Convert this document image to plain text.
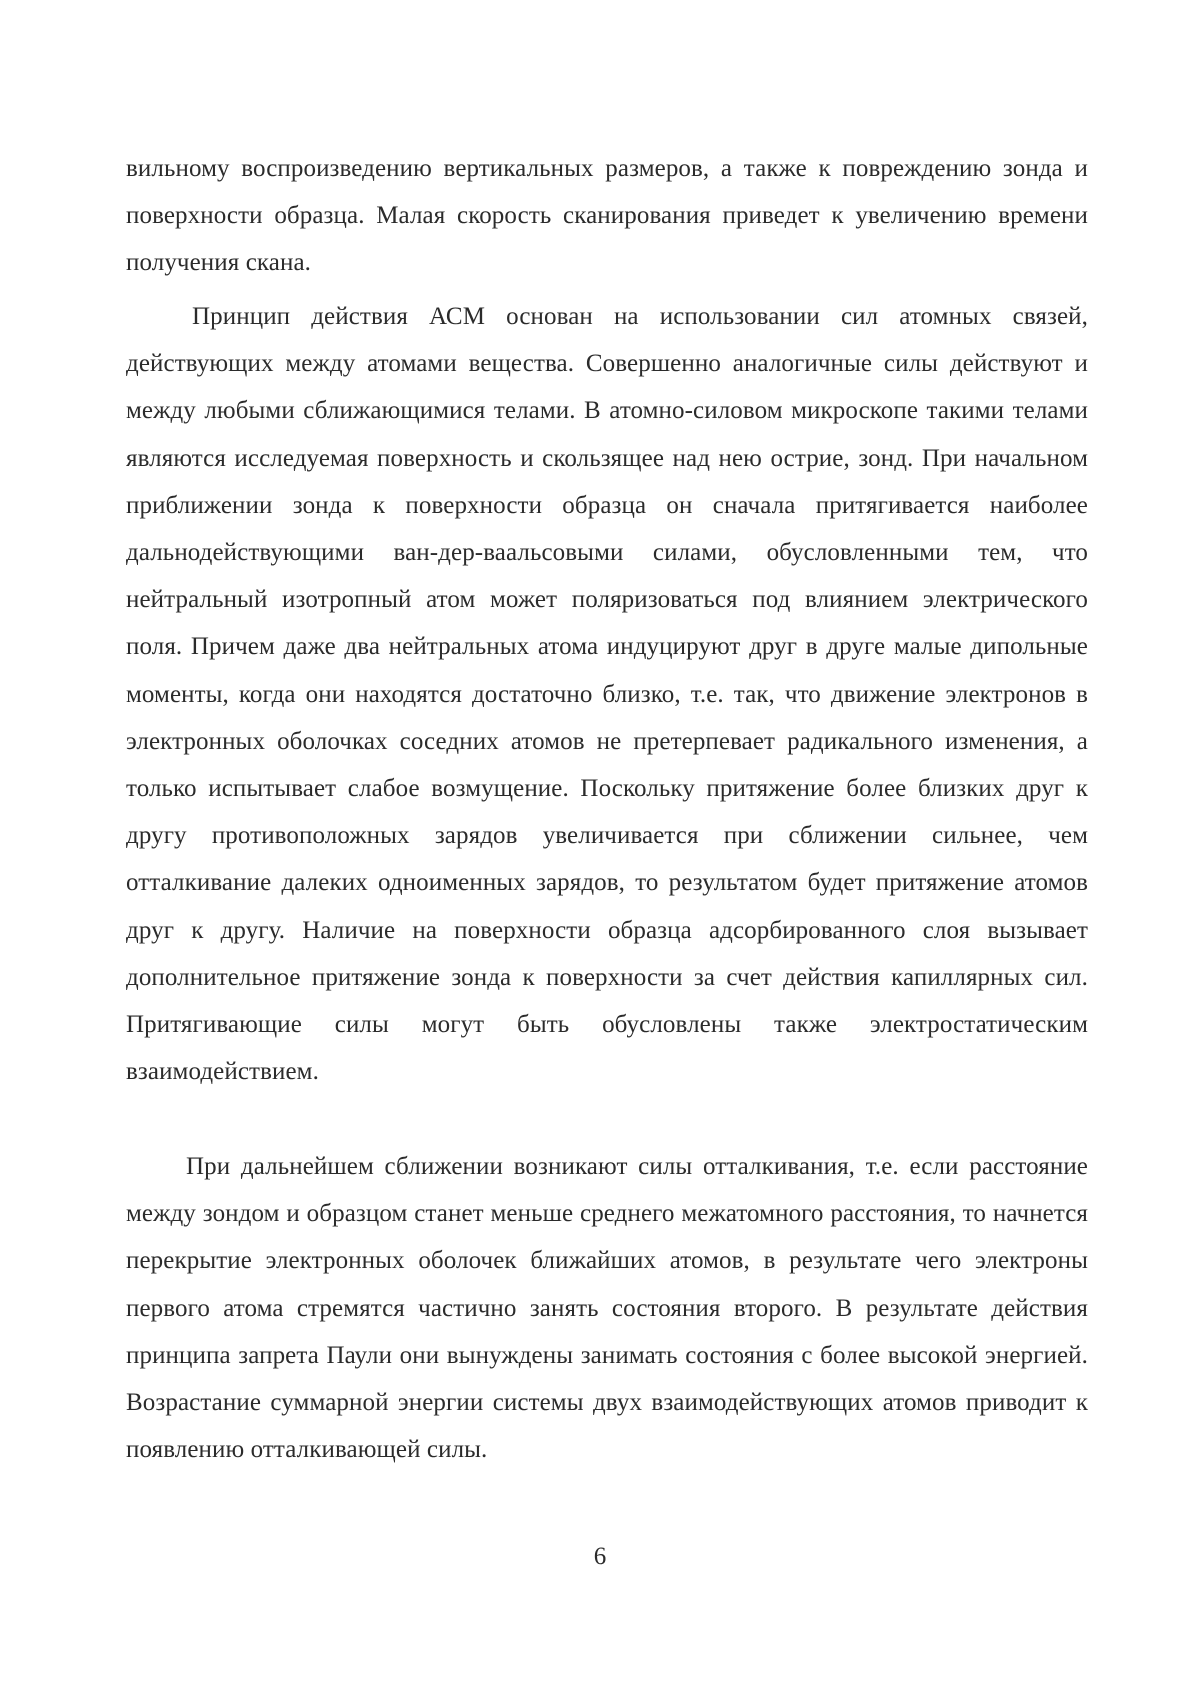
вильному воспроизведению вертикальных размеров, а также к повреждению зонда и поверхности образца. Малая скорость сканирования приведет к увеличению времени получения скана.

Принцип действия АСМ основан на использовании сил атомных связей, действующих между атомами вещества. Совершенно аналогичные силы действуют и между любыми сближающимися телами. В атомно-силовом микроскопе такими телами являются исследуемая поверхность и скользящее над нею острие, зонд. При начальном приближении зонда к поверхности образца он сначала притягивается наиболее дальнодействующими ван-дер-ваальсовыми силами, обусловленными тем, что нейтральный изотропный атом может поляризоваться под влиянием электрического поля. Причем даже два нейтральных атома индуцируют друг в друге малые дипольные моменты, когда они находятся достаточно близко, т.е. так, что движение электронов в электронных оболочках соседних атомов не претерпевает радикального изменения, а только испытывает слабое возмущение. Поскольку притяжение более близких друг к другу противоположных зарядов увеличивается при сближении сильнее, чем отталкивание далеких одноименных зарядов, то результатом будет притяжение атомов друг к другу. Наличие на поверхности образца адсорбированного слоя вызывает дополнительное притяжение зонда к поверхности за счет действия капиллярных сил. Притягивающие силы могут быть обусловлены также электростатическим взаимодействием.

При дальнейшем сближении возникают силы отталкивания, т.е. если расстояние между зондом и образцом станет меньше среднего межатомного расстояния, то начнется перекрытие электронных оболочек ближайших атомов, в результате чего электроны первого атома стремятся частично занять состояния второго. В результате действия принципа запрета Паули они вынуждены занимать состояния с более высокой энергией. Возрастание суммарной энергии системы двух взаимодействующих атомов приводит к появлению отталкивающей силы.

6
